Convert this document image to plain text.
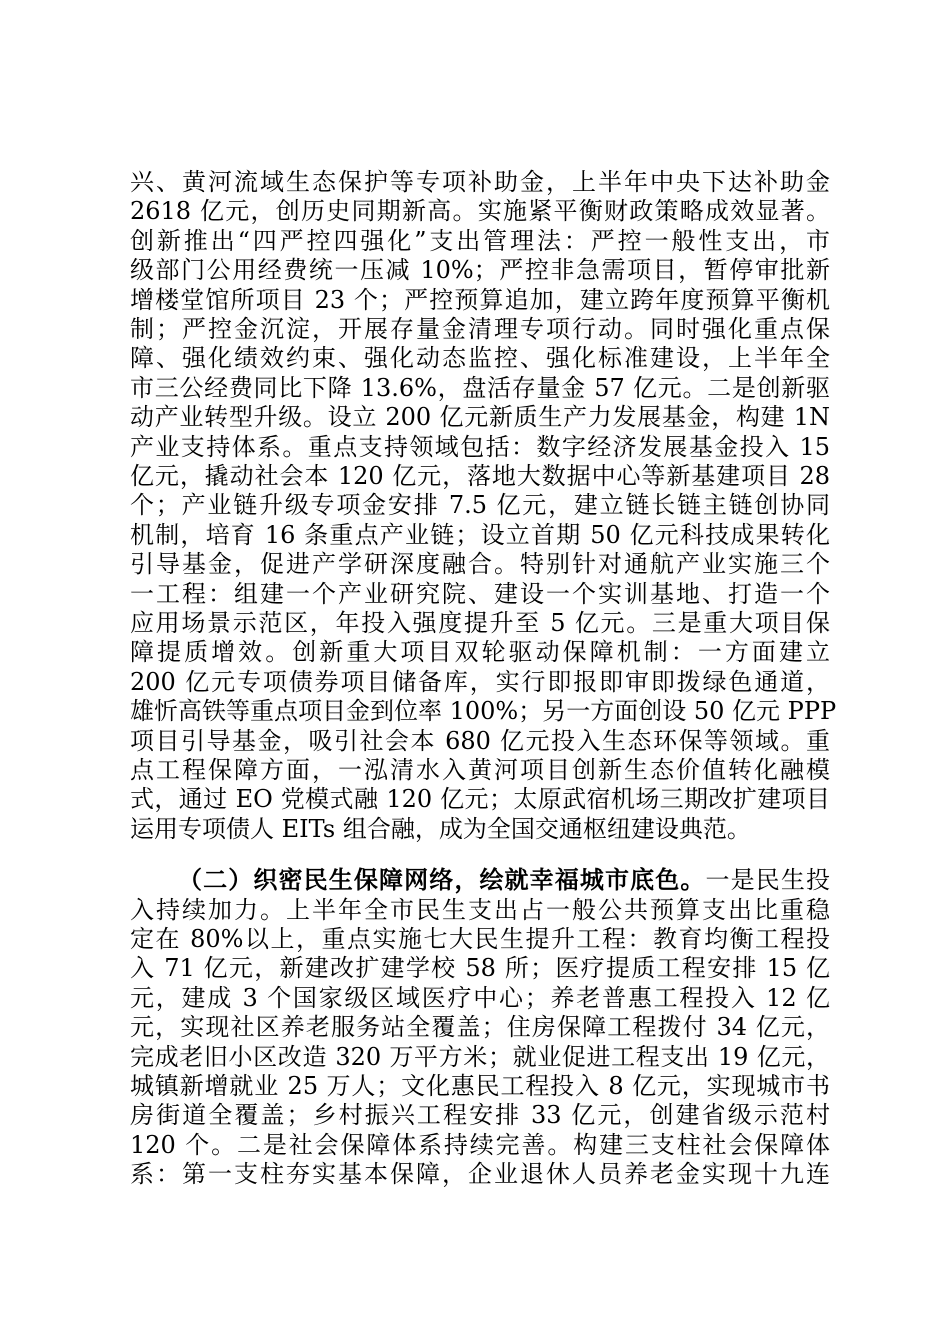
兴、黄河流域生态保护等专项补助金，上半年中央下达补助金
2618 亿元，创历史同期新高。实施紧平衡财政策略成效显著。
创新推出“四严控四强化”支出管理法：严控一般性支出，市
级部门公用经费统一压减 10%；严控非急需项目，暂停审批新
增楼堂馆所项目 23 个；严控预算追加，建立跨年度预算平衡机
制；严控金沉淀，开展存量金清理专项行动。同时强化重点保
障、强化绩效约束、强化动态监控、强化标准建设，上半年全
市三公经费同比下降 13.6%，盘活存量金 57 亿元。二是创新驱
动产业转型升级。设立 200 亿元新质生产力发展基金，构建 1N
产业支持体系。重点支持领域包括：数字经济发展基金投入 15
亿元，撬动社会本 120 亿元，落地大数据中心等新基建项目 28
个；产业链升级专项金安排 7.5 亿元，建立链长链主链创协同
机制，培育 16 条重点产业链；设立首期 50 亿元科技成果转化
引导基金，促进产学研深度融合。特别针对通航产业实施三个
一工程：组建一个产业研究院、建设一个实训基地、打造一个
应用场景示范区，年投入强度提升至 5 亿元。三是重大项目保
障提质增效。创新重大项目双轮驱动保障机制：一方面建立
200 亿元专项债券项目储备库，实行即报即审即拨绿色通道，
雄忻高铁等重点项目金到位率 100%；另一方面创设 50 亿元 PPP
项目引导基金，吸引社会本 680 亿元投入生态环保等领域。重
点工程保障方面，一泓清水入黄河项目创新生态价值转化融模
式，通过 EO 党模式融 120 亿元；太原武宿机场三期改扩建项目
运用专项债人 EITs 组合融，成为全国交通枢纽建设典范。
（二）织密民生保障网络，绘就幸福城市底色。一是民生投
入持续加力。上半年全市民生支出占一般公共预算支出比重稳
定在 80%以上，重点实施七大民生提升工程：教育均衡工程投
入 71 亿元，新建改扩建学校 58 所；医疗提质工程安排 15 亿
元，建成 3 个国家级区域医疗中心；养老普惠工程投入 12 亿
元，实现社区养老服务站全覆盖；住房保障工程拨付 34 亿元，
完成老旧小区改造 320 万平方米；就业促进工程支出 19 亿元，
城镇新增就业 25 万人；文化惠民工程投入 8 亿元，实现城市书
房街道全覆盖；乡村振兴工程安排 33 亿元，创建省级示范村
120 个。二是社会保障体系持续完善。构建三支柱社会保障体
系：第一支柱夯实基本保障，企业退休人员养老金实现十九连
